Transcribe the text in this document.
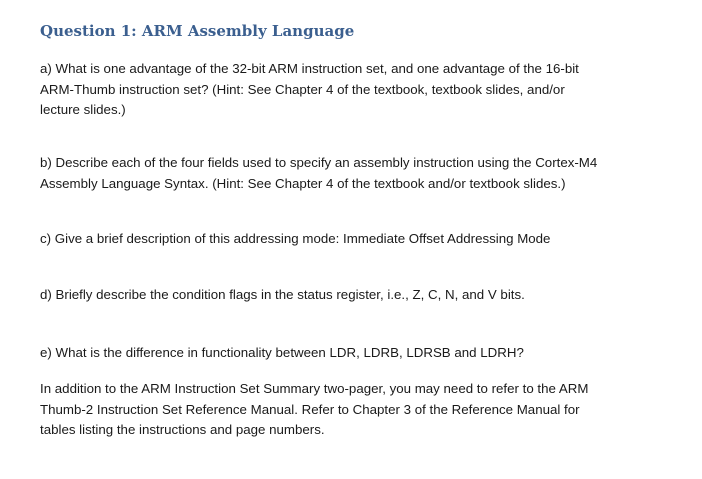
Question 1: ARM Assembly Language

a) What is one advantage of the 32-bit ARM instruction set, and one advantage of the 16-bit
ARM-Thumb instruction set? (Hint: See Chapter 4 of the textbook, textbook slides, and/or
lecture slides.)

b) Describe each of the four fields used to specify an assembly instruction using the Cortex-M4
Assembly Language Syntax. (Hint: See Chapter 4 of the textbook and/or textbook slides.)

c) Give a brief description of this addressing mode: Immediate Offset Addressing Mode

d) Briefly describe the condition flags in the status register, i.e., Z, C, N, and V bits.

e) What is the difference in functionality between LDR, LDRB, LDRSB and LDRH?

In addition to the ARM Instruction Set Summary two-pager, you may need to refer to the ARM
Thumb-2 Instruction Set Reference Manual. Refer to Chapter 3 of the Reference Manual for
tables listing the instructions and page numbers.
